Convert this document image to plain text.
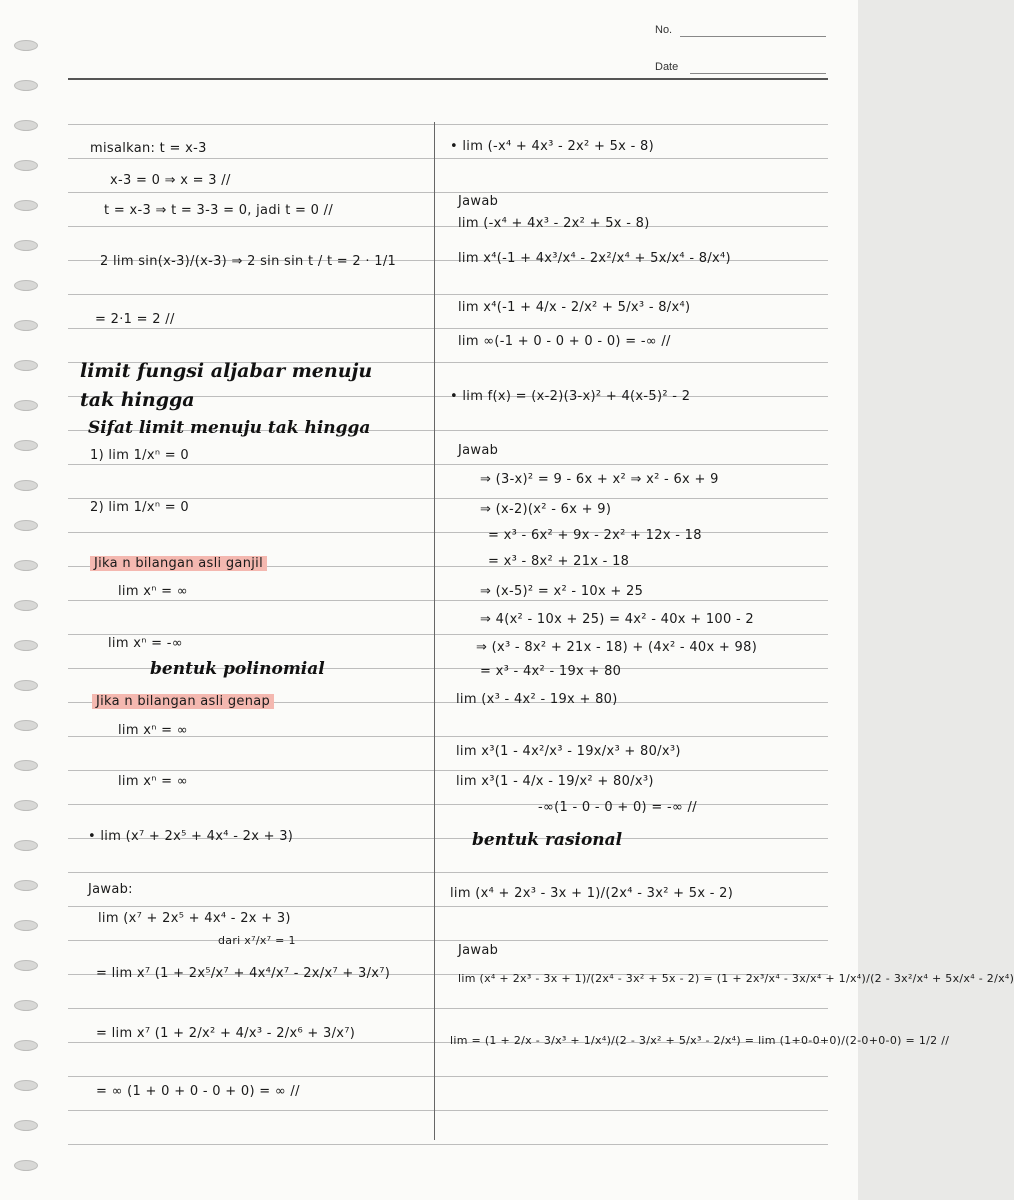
No.
Date
misalkan: t = x-3
x-3 = 0 ⇒ x = 3 //
t = x-3 ⇒ t = 3-3 = 0, jadi t = 0 //
2 lim sin(x-3)/(x-3) ⇒ 2 sin sin t / t = 2 · 1/1
= 2·1 = 2 //
limit fungsi aljabar menuju
tak hingga
Sifat limit menuju tak hingga
1) lim 1/xⁿ = 0
2) lim 1/xⁿ = 0
Jika n bilangan asli ganjil
lim xⁿ = ∞
lim xⁿ = -∞
bentuk polinomial
Jika n bilangan asli genap
lim xⁿ = ∞
lim xⁿ = ∞
• lim (x⁷ + 2x⁵ + 4x⁴ - 2x + 3)
Jawab:
lim (x⁷ + 2x⁵ + 4x⁴ - 2x + 3)
dari x⁷/x⁷ = 1
= lim x⁷ (1 + 2x⁵/x⁷ + 4x⁴/x⁷ - 2x/x⁷ + 3/x⁷)
= lim x⁷ (1 + 2/x² + 4/x³ - 2/x⁶ + 3/x⁷)
= ∞ (1 + 0 + 0 - 0 + 0) = ∞ //
• lim (-x⁴ + 4x³ - 2x² + 5x - 8)
Jawab
lim (-x⁴ + 4x³ - 2x² + 5x - 8)
lim x⁴(-1 + 4x³/x⁴ - 2x²/x⁴ + 5x/x⁴ - 8/x⁴)
lim x⁴(-1 + 4/x - 2/x² + 5/x³ - 8/x⁴)
lim ∞(-1 + 0 - 0 + 0 - 0) = -∞ //
• lim f(x) = (x-2)(3-x)² + 4(x-5)² - 2
Jawab
⇒ (3-x)² = 9 - 6x + x² ⇒ x² - 6x + 9
⇒ (x-2)(x² - 6x + 9)
= x³ - 6x² + 9x - 2x² + 12x - 18
= x³ - 8x² + 21x - 18
⇒ (x-5)² = x² - 10x + 25
⇒ 4(x² - 10x + 25) = 4x² - 40x + 100 - 2
⇒ (x³ - 8x² + 21x - 18) + (4x² - 40x + 98)
= x³ - 4x² - 19x + 80
lim (x³ - 4x² - 19x + 80)
lim x³(1 - 4x²/x³ - 19x/x³ + 80/x³)
lim x³(1 - 4/x - 19/x² + 80/x³)
-∞(1 - 0 - 0 + 0) = -∞ //
bentuk rasional
lim (x⁴ + 2x³ - 3x + 1)/(2x⁴ - 3x² + 5x - 2)
Jawab
lim (x⁴ + 2x³ - 3x + 1)/(2x⁴ - 3x² + 5x - 2) = (1 + 2x³/x⁴ - 3x/x⁴ + 1/x⁴)/(2 - 3x²/x⁴ + 5x/x⁴ - 2/x⁴)
lim = (1 + 2/x - 3/x³ + 1/x⁴)/(2 - 3/x² + 5/x³ - 2/x⁴) = lim (1+0-0+0)/(2-0+0-0) = 1/2 //
